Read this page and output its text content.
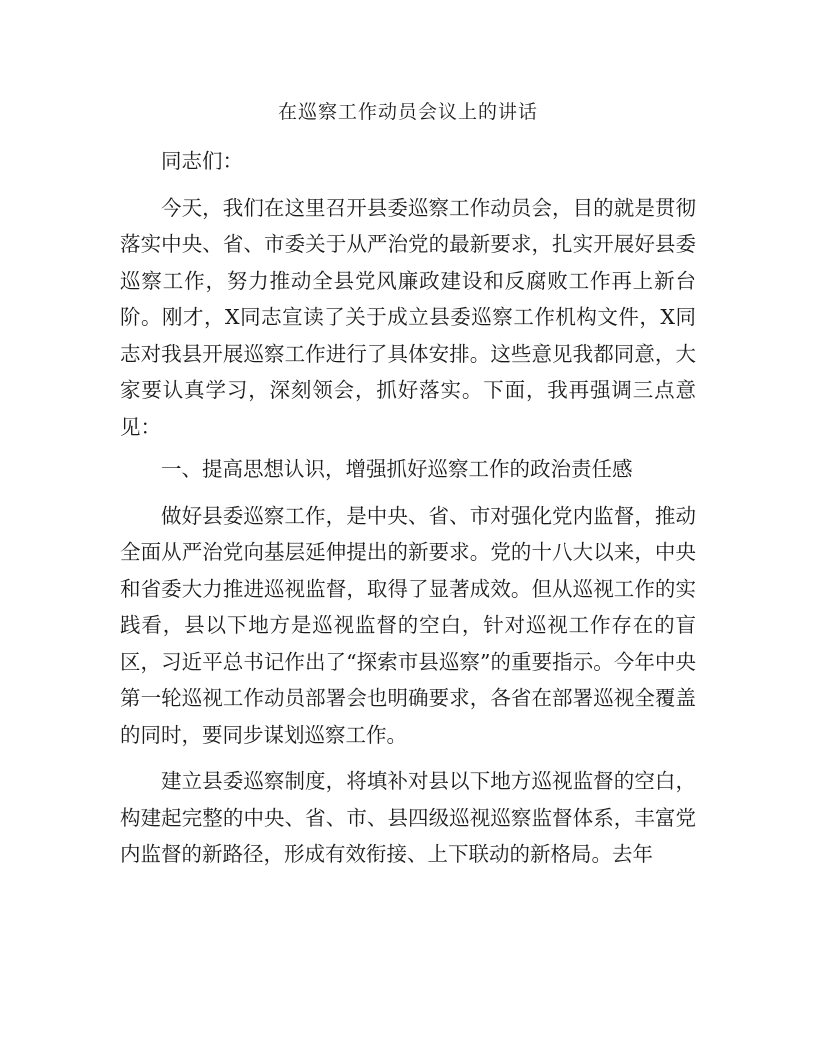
在巡察工作动员会议上的讲话

同志们：

今天，我们在这里召开县委巡察工作动员会，目的就是贯彻落实中央、省、市委关于从严治党的最新要求，扎实开展好县委巡察工作，努力推动全县党风廉政建设和反腐败工作再上新台阶。刚才，X同志宣读了关于成立县委巡察工作机构文件，X同志对我县开展巡察工作进行了具体安排。这些意见我都同意，大家要认真学习，深刻领会，抓好落实。下面，我再强调三点意见：

一、提高思想认识，增强抓好巡察工作的政治责任感

做好县委巡察工作，是中央、省、市对强化党内监督，推动全面从严治党向基层延伸提出的新要求。党的十八大以来，中央和省委大力推进巡视监督，取得了显著成效。但从巡视工作的实践看，县以下地方是巡视监督的空白，针对巡视工作存在的盲区，习近平总书记作出了“探索市县巡察”的重要指示。今年中央第一轮巡视工作动员部署会也明确要求，各省在部署巡视全覆盖的同时，要同步谋划巡察工作。

建立县委巡察制度，将填补对县以下地方巡视监督的空白，构建起完整的中央、省、市、县四级巡视巡察监督体系，丰富党内监督的新路径，形成有效衔接、上下联动的新格局。去年
